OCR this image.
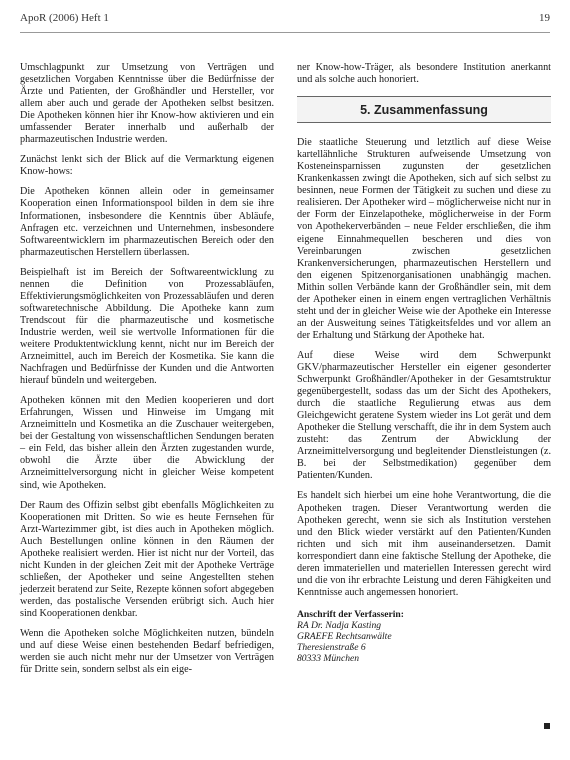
ApoR (2006) Heft 1	19

Umschlagpunkt zur Umsetzung von Verträgen und gesetzlichen Vorgaben Kenntnisse über die Bedürfnisse der Ärzte und Patienten, der Großhändler und Hersteller, vor allem aber auch und gerade der Apotheken selbst besitzen. Die Apotheken können hier ihr Know-how aktivieren und ein umfassender Berater innerhalb und außerhalb der pharmazeutischen Industrie werden.

Zunächst lenkt sich der Blick auf die Vermarktung eigenen Know-hows:

Die Apotheken können allein oder in gemeinsamer Kooperation einen Informationspool bilden in dem sie ihre Informationen, insbesondere die Kenntnis über Abläufe, Anfragen etc. verzeichnen und Unternehmen, insbesondere Softwareentwicklern im pharmazeutischen Bereich oder den pharmazeutischen Herstellern überlassen.

Beispielhaft ist im Bereich der Softwareentwicklung zu nennen die Definition von Prozessabläufen, Effektivierungsmöglichkeiten von Prozessabläufen und deren softwaretechnische Abbildung. Die Apotheke kann zum Trendscout für die pharmazeutische und kosmetische Industrie werden, weil sie wertvolle Informationen für die weitere Produktentwicklung kennt, nicht nur im Bereich der Arzneimittel, auch im Bereich der Kosmetika. Sie kann die Nachfragen und Bedürfnisse der Kunden und die Antworten hierauf bündeln und weitergeben.

Apotheken können mit den Medien kooperieren und dort Erfahrungen, Wissen und Hinweise im Umgang mit Arzneimitteln und Kosmetika an die Zuschauer weitergeben, bei der Gestaltung von wissenschaftlichen Sendungen beraten – ein Feld, das bisher allein den Ärzten zugestanden wurde, obwohl die Ärzte über die Abwicklung der Arzneimittelversorgung nicht in gleicher Weise kompetent sind, wie Apotheken.

Der Raum des Offizin selbst gibt ebenfalls Möglichkeiten zu Kooperationen mit Dritten. So wie es heute Fernsehen für Arzt-Wartezimmer gibt, ist dies auch in Apotheken möglich. Auch Bestellungen online können in den Räumen der Apotheke realisiert werden. Hier ist nicht nur der Vorteil, das nicht Kunden in der gleichen Zeit mit der Apotheke Verträge schließen, der Apotheker und seine Angestellten stehen jederzeit beratend zur Seite, Rezepte können sofort abgegeben werden, das postalische Versenden erübrigt sich. Auch hier sind Kooperationen denkbar.

Wenn die Apotheken solche Möglichkeiten nutzen, bündeln und auf diese Weise einen bestehenden Bedarf befriedigen, werden sie auch nicht mehr nur der Umsetzer von Verträgen für Dritte sein, sondern selbst als ein eige-

ner Know-how-Träger, als besondere Institution anerkannt und als solche auch honoriert.

5. Zusammenfassung

Die staatliche Steuerung und letztlich auf diese Weise kartellähnliche Strukturen aufweisende Umsetzung von Kosteneinsparnissen zugunsten der gesetzlichen Krankenkassen zwingt die Apotheken, sich auf sich selbst zu besinnen, neue Formen der Tätigkeit zu suchen und diese zu realisieren. Der Apotheker wird – möglicherweise nicht nur in der Form der Einzelapotheke, möglicherweise in der Form von Apothekerverbänden – neue Felder erschließen, die ihm eigene Einnahmequellen bescheren und dies von Vereinbarungen zwischen gesetzlichen Krankenversicherungen, pharmazeutischen Herstellern und den eigenen Spitzenorganisationen unabhängig machen. Mithin sollen Verbände kann der Großhändler sein, mit dem der Apotheker einen in einem engen vertraglichen Verhältnis steht und der in gleicher Weise wie der Apotheke ein Interesse an der Ausweitung seines Tätigkeitsfeldes und vor allem an der Erhaltung und Stärkung der Apotheke hat.

Auf diese Weise wird dem Schwerpunkt GKV/pharmazeutischer Hersteller ein eigener gesonderter Schwerpunkt Großhändler/Apotheker in der Gesamtstruktur gegenübergestellt, sodass das um der Sicht des Apothekers, durch die staatliche Regulierung etwas aus dem Gleichgewicht geratene System wieder ins Lot gerät und dem Apotheker die Stellung verschafft, die ihr in dem System auch zusteht: das Zentrum der Abwicklung der Arzneimittelversorgung und begleitender Dienstleistungen (z. B. bei der Selbstmedikation) gegenüber dem Patienten/Kunden.

Es handelt sich hierbei um eine hohe Verantwortung, die die Apotheken tragen. Dieser Verantwortung werden die Apotheken gerecht, wenn sie sich als Institution verstehen und den Blick wieder verstärkt auf den Patienten/Kunden richten und sich mit ihm auseinandersetzen. Damit korrespondiert dann eine faktische Stellung der Apotheke, die deren immateriellen und materiellen Interessen gerecht wird und die von ihr erbrachte Leistung und deren Fähigkeiten und Kenntnisse auch angemessen honoriert.

Anschrift der Verfasserin:
RA Dr. Nadja Kasting
GRAEFE Rechtsanwälte
Theresienstraße 6
80333 München
